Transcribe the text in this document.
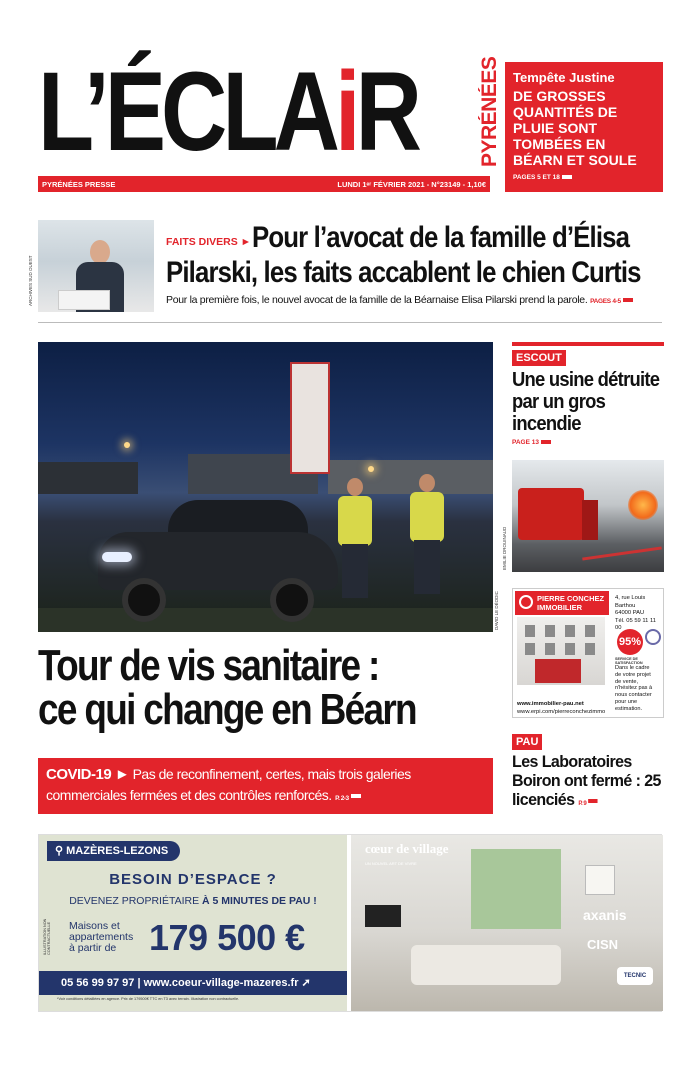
L’ÉCLAiR	PYRÉNÉES
PYRÉNÉES PRESSE	LUNDI 1ᵉʳ FÉVRIER 2021 - N°23149 - 1,10€
Tempête Justine
DE GROSSES QUANTITÉS DE PLUIE SONT TOMBÉES EN BÉARN ET SOULE
PAGES 5 ET 18
ARCHIVES SUD OUEST
Pour l’avocat de la famille d’Élisa
Pilarski, les faits accablent le chien Curtis
FAITS DIVERS ►
Pour la première fois, le nouvel avocat de la famille de la Béarnaise Elisa Pilarski prend la parole. PAGES 4-5
DAVID LE DÉODIC
Tour de vis sanitaire :
ce qui change en Béarn
COVID-19 ► Pas de reconfinement, certes, mais trois galeries commerciales fermées et des contrôles renforcés. P. 2-3
ESCOUT
Une usine détruite par un gros incendie
PAGE 13
EMILIE DROUINAUD
PIERRE CONCHEZ IMMOBILIER
4, rue Louis
Barthou
64000 PAU
Tél. 05 59 11 11 00
95%
SERVICE DE SATISFACTION
Dans le cadre
de votre projet
de vente,
n'hésitez pas à
nous contacter
pour une
estimation.
www.immobilier-pau.net
www.erpi.com/pierreconchezimmo
PAU
Les Laboratoires Boiron ont fermé : 25 licenciés P. 9
⚲ MAZÈRES-LEZONS
ILLUSTRATION NON CONTRACTUELLE
BESOIN D’ESPACE ?
DEVENEZ PROPRIÉTAIRE À 5 MINUTES DE PAU !
Maisons et
appartements
à partir de 179 500 €
05 56 99 97 97 | www.coeur-village-mazeres.fr ➚
*Voir conditions détaillées en agence. Prix de 179500€ TTC en T3 avec terrain. Illustration non contractuelle.
cœur de village
UN NOUVEL ART DE VIVRE
axanis
CISN
TECNIC
